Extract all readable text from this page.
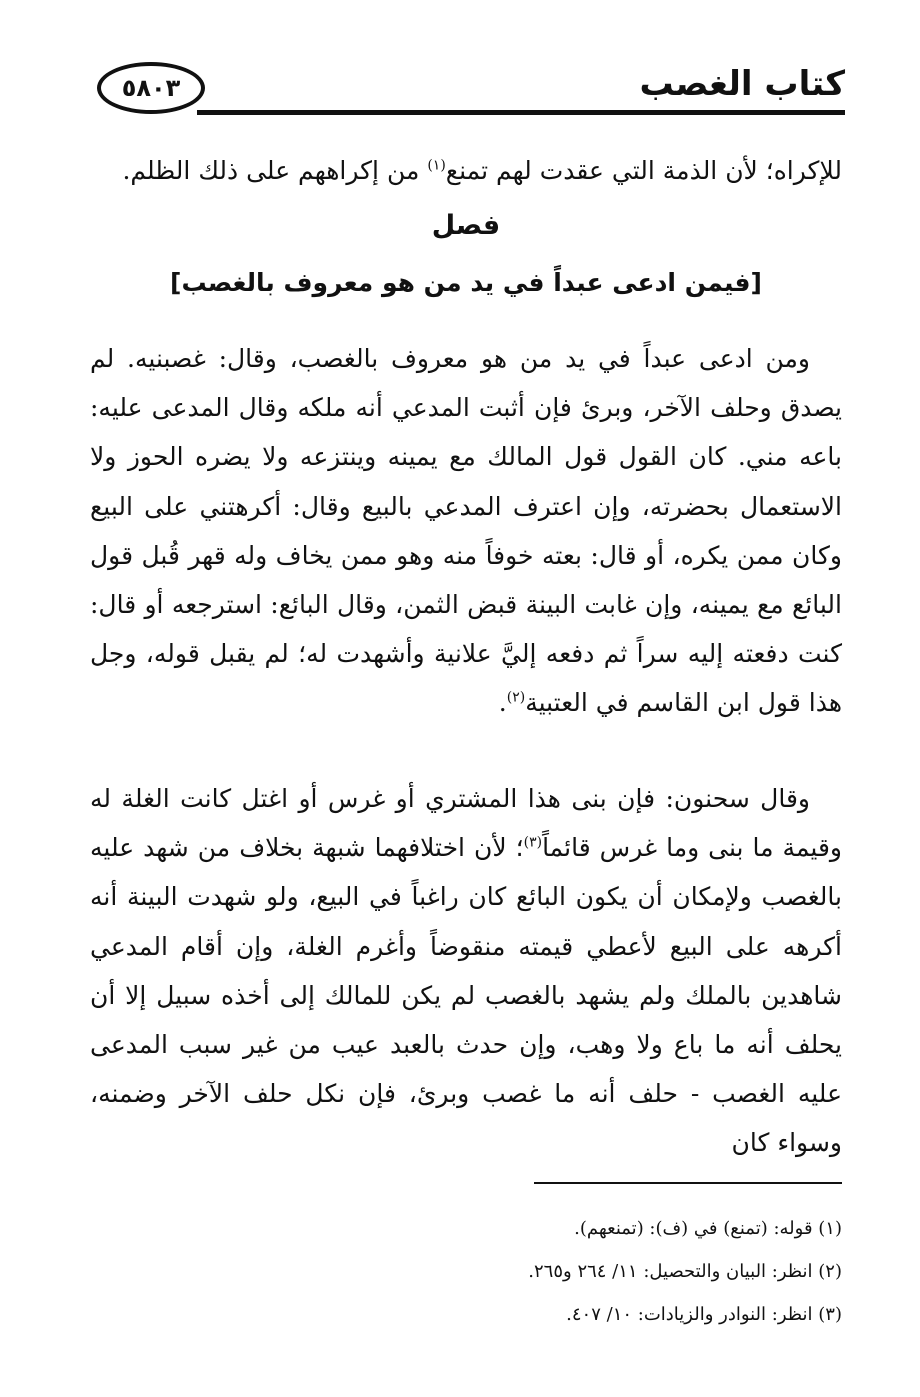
٥٨٠٣	كتاب الغصب
للإكراه؛ لأن الذمة التي عقدت لهم تمنع$^{(١)}$ من إكراههم على ذلك الظلم.
فصل
[فيمن ادعى عبداً في يد من هو معروف بالغصب]
ومن ادعى عبداً في يد من هو معروف بالغصب، وقال: غصبنيه. لم يصدق وحلف الآخر، وبرئ فإن أثبت المدعي أنه ملكه وقال المدعى عليه: باعه مني. كان القول قول المالك مع يمينه وينتزعه ولا يضره الحوز ولا الاستعمال بحضرته، وإن اعترف المدعي بالبيع وقال: أكرهتني على البيع وكان ممن يكره، أو قال: بعته خوفاً منه وهو ممن يخاف وله قهر قُبل قول البائع مع يمينه، وإن غابت البينة قبض الثمن، وقال البائع: استرجعه أو قال: كنت دفعته إليه سراً ثم دفعه إليَّ علانية وأشهدت له؛ لم يقبل قوله، وجل هذا قول ابن القاسم في العتبية$^{(٢)}$.
وقال سحنون: فإن بنى هذا المشتري أو غرس أو اغتل كانت الغلة له وقيمة ما بنى وما غرس قائماً$^{(٣)}$؛ لأن اختلافهما شبهة بخلاف من شهد عليه بالغصب ولإمكان أن يكون البائع كان راغباً في البيع، ولو شهدت البينة أنه أكرهه على البيع لأعطي قيمته منقوضاً وأغرم الغلة، وإن أقام المدعي شاهدين بالملك ولم يشهد بالغصب لم يكن للمالك إلى أخذه سبيل إلا أن يحلف أنه ما باع ولا وهب، وإن حدث بالعبد عيب من غير سبب المدعى عليه الغصب - حلف أنه ما غصب وبرئ، فإن نكل حلف الآخر وضمنه، وسواء كان
(١) قوله: (تمنع) في (ف): (تمنعهم).
(٢) انظر: البيان والتحصيل: ١١/ ٢٦٤ و٢٦٥.
(٣) انظر: النوادر والزيادات: ١٠/ ٤٠٧.
